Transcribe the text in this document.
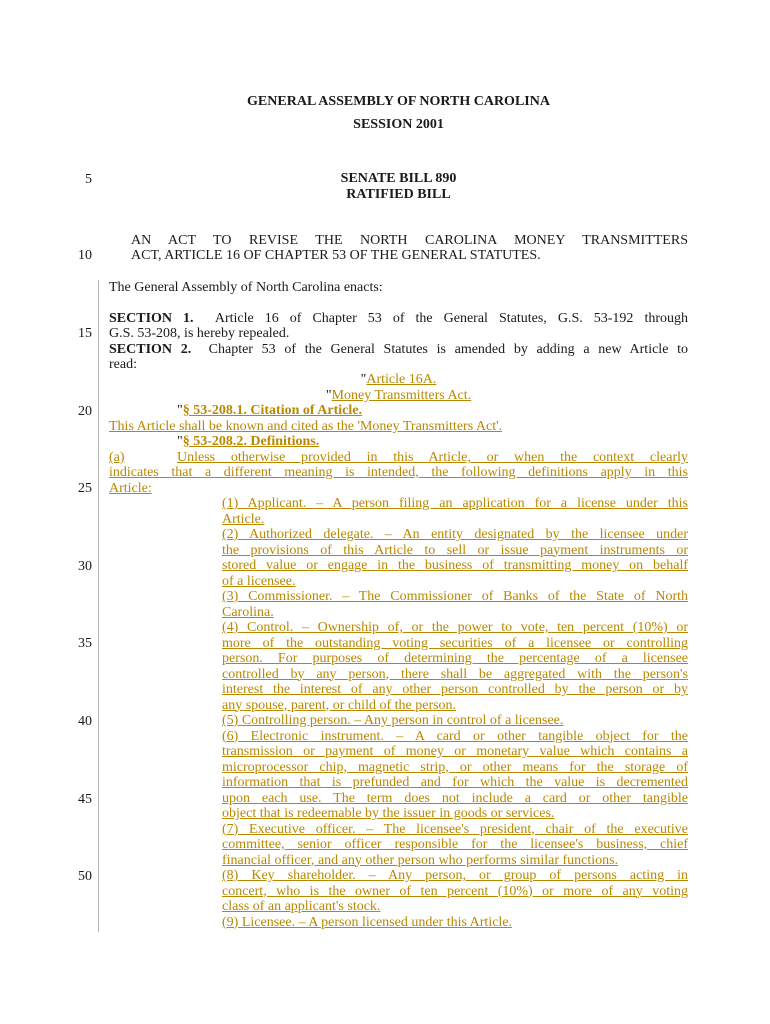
GENERAL ASSEMBLY OF NORTH CAROLINA
SESSION 2001
SENATE BILL 890
RATIFIED BILL
5
10
15
20
25
30
35
40
45
50
AN ACT TO REVISE THE NORTH CAROLINA MONEY TRANSMITTERS
ACT, ARTICLE 16 OF CHAPTER 53 OF THE GENERAL STATUTES.
The General Assembly of North Carolina enacts:
SECTION 1. Article 16 of Chapter 53 of the General Statutes, G.S. 53-192 through
G.S. 53-208, is hereby repealed.
SECTION 2. Chapter 53 of the General Statutes is amended by adding a new Article to
read:
"Article 16A.
"Money Transmitters Act.
"§ 53-208.1. Citation of Article.
This Article shall be known and cited as the 'Money Transmitters Act'.
"§ 53-208.2. Definitions.
(a)	Unless otherwise provided in this Article, or when the context clearly
indicates that a different meaning is intended, the following definitions apply in this
Article:
(1) Applicant. – A person filing an application for a license under this
Article.
(2) Authorized delegate. – An entity designated by the licensee under
the provisions of this Article to sell or issue payment instruments or
stored value or engage in the business of transmitting money on behalf
of a licensee.
(3) Commissioner. – The Commissioner of Banks of the State of North
Carolina.
(4) Control. – Ownership of, or the power to vote, ten percent (10%) or
more of the outstanding voting securities of a licensee or controlling
person. For purposes of determining the percentage of a licensee
controlled by any person, there shall be aggregated with the person's
interest the interest of any other person controlled by the person or by
any spouse, parent, or child of the person.
(5) Controlling person. – Any person in control of a licensee.
(6) Electronic instrument. – A card or other tangible object for the
transmission or payment of money or monetary value which contains a
microprocessor chip, magnetic strip, or other means for the storage of
information that is prefunded and for which the value is decremented
upon each use. The term does not include a card or other tangible
object that is redeemable by the issuer in goods or services.
(7) Executive officer. – The licensee's president, chair of the executive
committee, senior officer responsible for the licensee's business, chief
financial officer, and any other person who performs similar functions.
(8) Key shareholder. – Any person, or group of persons acting in
concert, who is the owner of ten percent (10%) or more of any voting
class of an applicant's stock.
(9) Licensee. – A person licensed under this Article.
